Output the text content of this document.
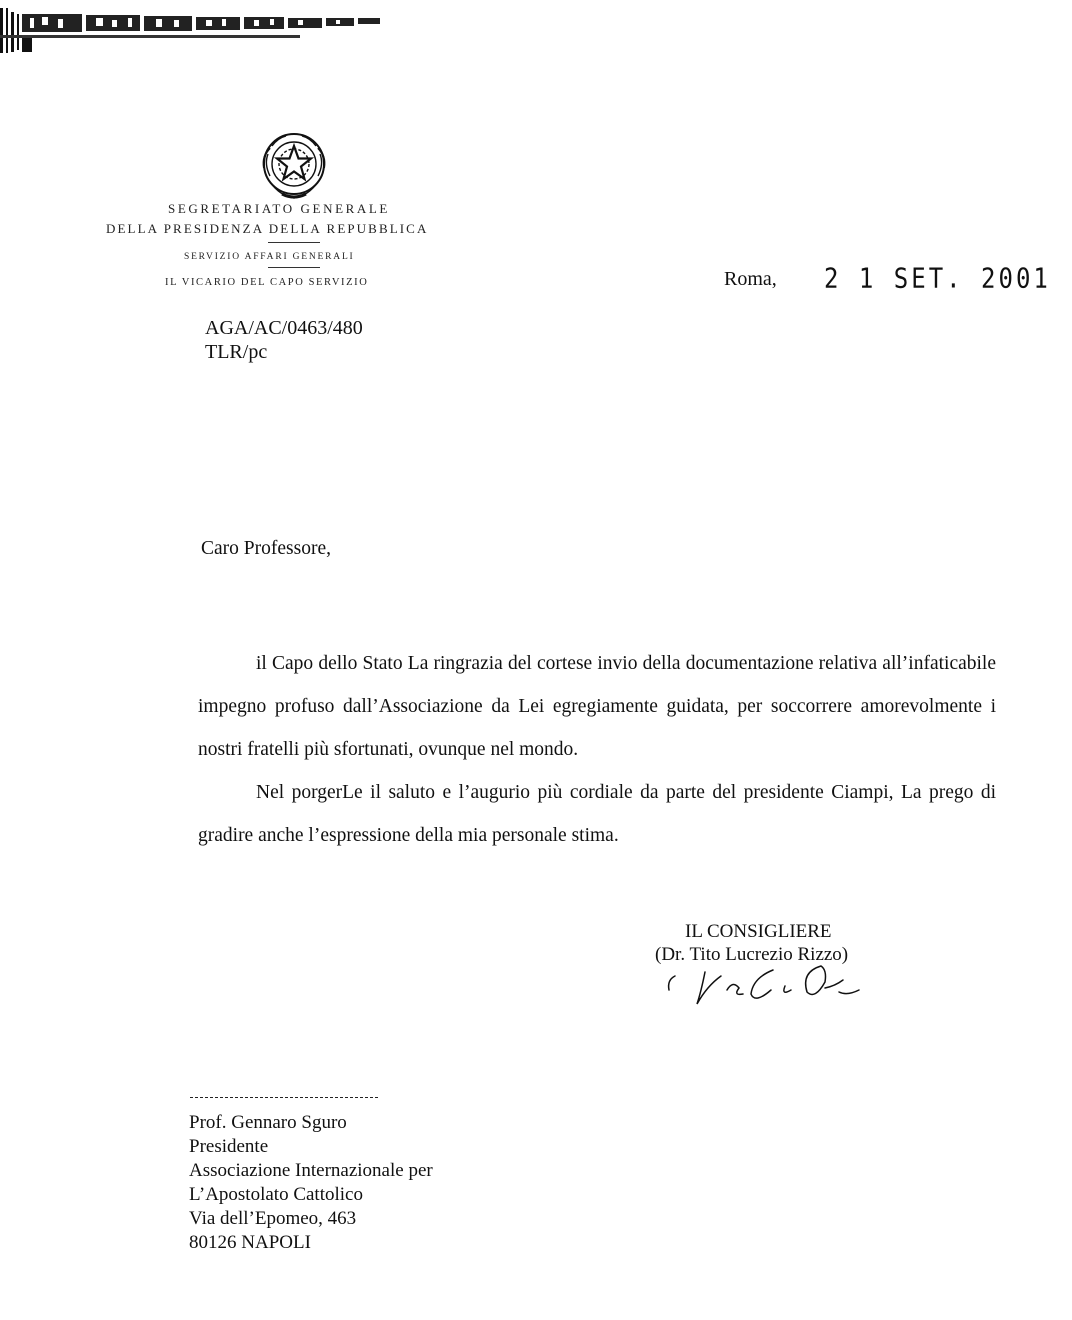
SEGRETARIATO GENERALE
DELLA PRESIDENZA DELLA REPUBBLICA
SERVIZIO AFFARI GENERALI
IL VICARIO DEL CAPO SERVIZIO	Roma, 2 1 SET. 2001
AGA/AC/0463/480
TLR/pc
Caro Professore,
il Capo dello Stato La ringrazia del cortese invio della documentazione relativa all’infaticabile impegno profuso dall’Associazione da Lei egregiamente guidata, per soccorrere amorevolmente i nostri fratelli più sfortunati, ovunque nel mondo.
Nel porgerLe il saluto e l’augurio più cordiale da parte del presidente Ciampi, La prego di gradire anche l’espressione della mia personale stima.
IL CONSIGLIERE
(Dr. Tito Lucrezio Rizzo)
Prof. Gennaro Sguro
Presidente
Associazione Internazionale per
L’Apostolato Cattolico
Via dell’Epomeo, 463
80126 NAPOLI
